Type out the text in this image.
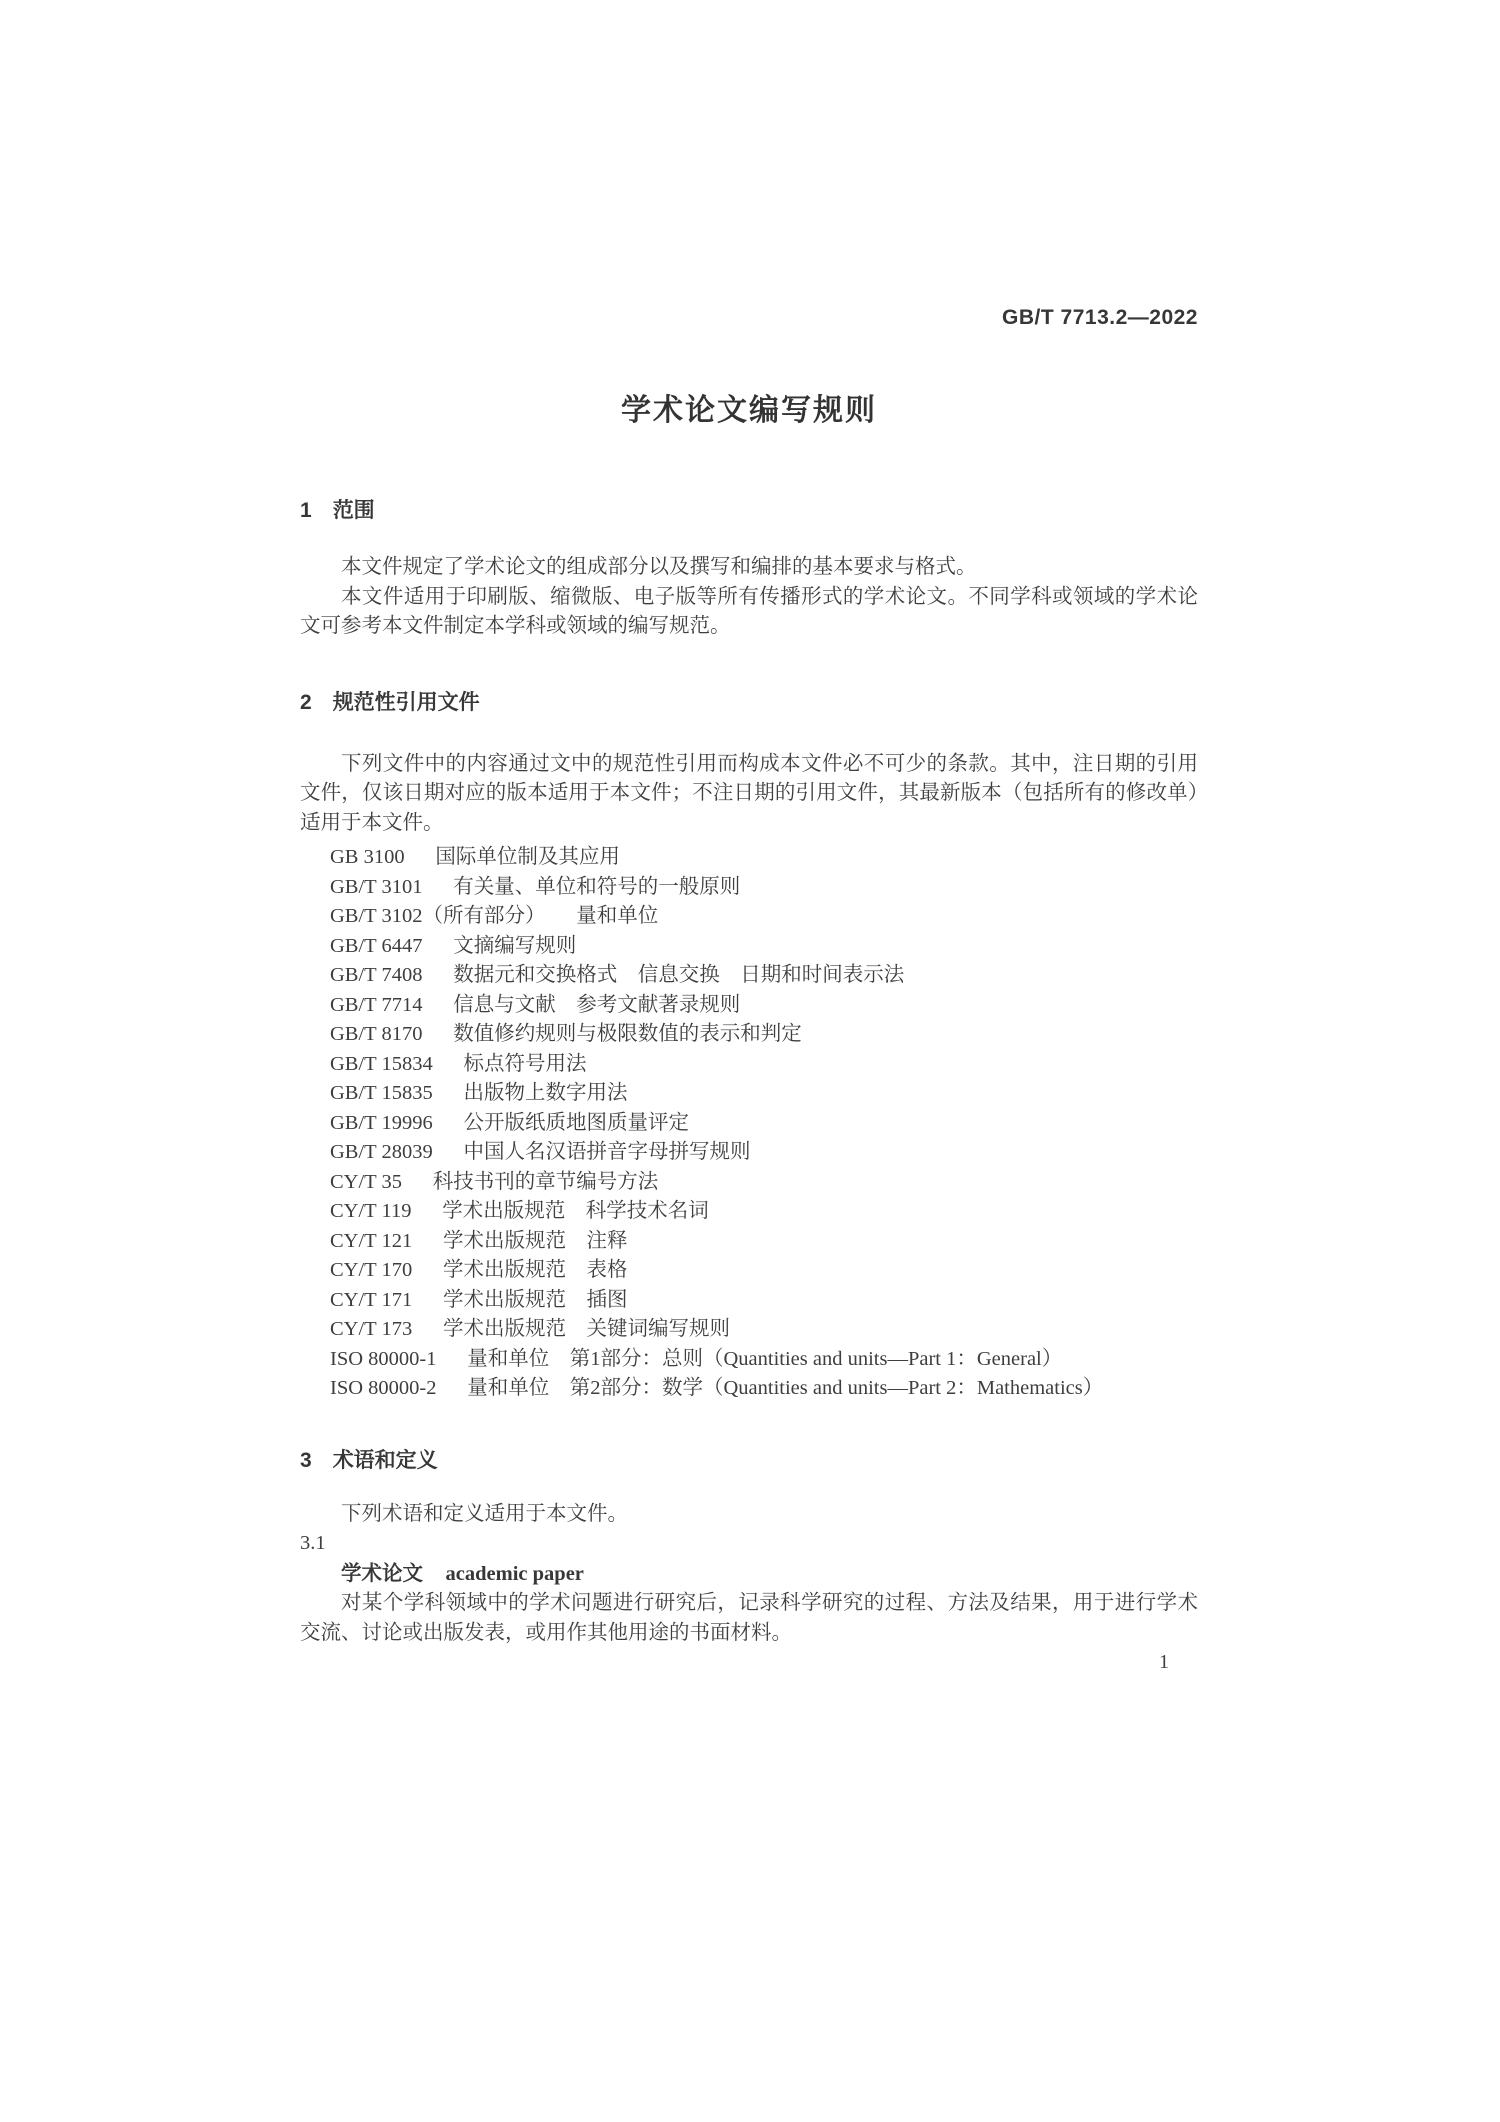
GB/T 7713.2—2022
学术论文编写规则
1 范围

本文件规定了学术论文的组成部分以及撰写和编排的基本要求与格式。

本文件适用于印刷版、缩微版、电子版等所有传播形式的学术论文。不同学科或领域的学术论文可参考本文件制定本学科或领域的编写规范。

2 规范性引用文件

下列文件中的内容通过文中的规范性引用而构成本文件必不可少的条款。其中，注日期的引用文件，仅该日期对应的版本适用于本文件；不注日期的引用文件，其最新版本（包括所有的修改单）适用于本文件。

GB 3100 国际单位制及其应用
GB/T 3101 有关量、单位和符号的一般原则
GB/T 3102（所有部分） 量和单位
GB/T 6447 文摘编写规则
GB/T 7408 数据元和交换格式　信息交换　日期和时间表示法
GB/T 7714 信息与文献　参考文献著录规则
GB/T 8170 数值修约规则与极限数值的表示和判定
GB/T 15834 标点符号用法
GB/T 15835 出版物上数字用法
GB/T 19996 公开版纸质地图质量评定
GB/T 28039 中国人名汉语拼音字母拼写规则
CY/T 35 科技书刊的章节编号方法
CY/T 119 学术出版规范　科学技术名词
CY/T 121 学术出版规范　注释
CY/T 170 学术出版规范　表格
CY/T 171 学术出版规范　插图
CY/T 173 学术出版规范　关键词编写规则
ISO 80000-1 量和单位　第1部分：总则（Quantities and units—Part 1：General）
ISO 80000-2 量和单位　第2部分：数学（Quantities and units—Part 2：Mathematics）
3 术语和定义

下列术语和定义适用于本文件。

3.1
学术论文 academic paper

对某个学科领域中的学术问题进行研究后，记录科学研究的过程、方法及结果，用于进行学术交流、讨论或出版发表，或用作其他用途的书面材料。

1
